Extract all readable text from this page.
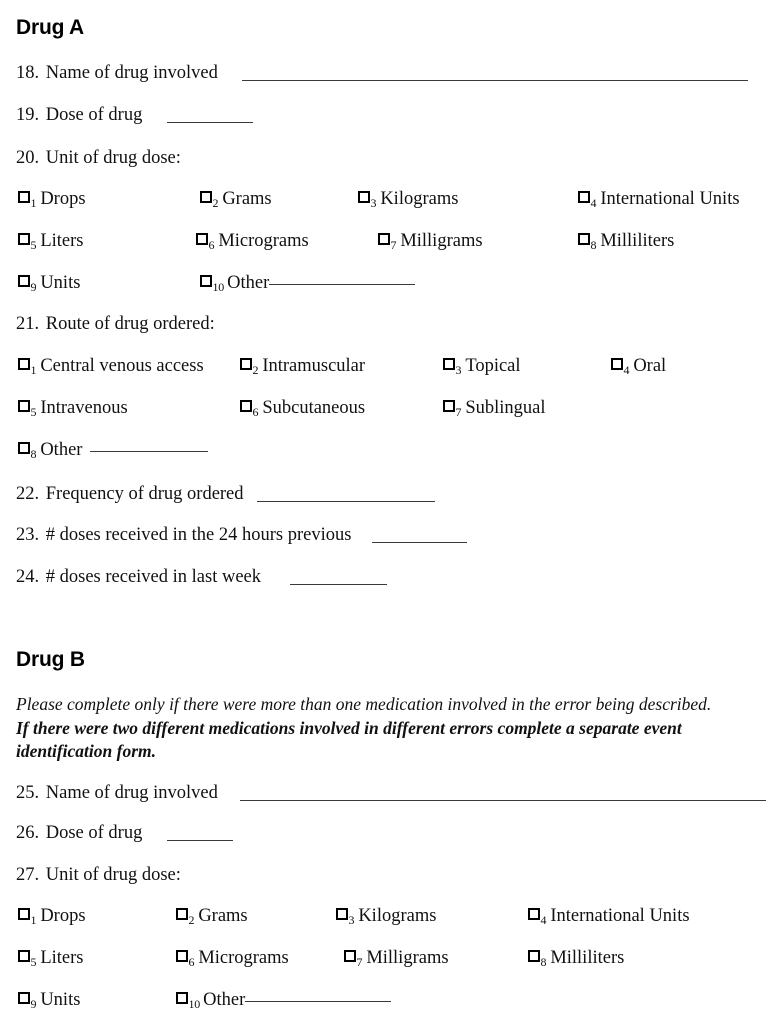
Drug A
18. Name of drug involved
19. Dose of drug
20. Unit of drug dose:
1 Drops	2 Grams	3 Kilograms	4 International Units
5 Liters	6 Micrograms	7 Milligrams	8 Milliliters
9 Units	10 Other
21. Route of drug ordered:
1 Central venous access	2 Intramuscular	3 Topical	4 Oral
5 Intravenous	6 Subcutaneous	7 Sublingual
8 Other
22. Frequency of drug ordered
23. # doses received in the 24 hours previous
24. # doses received in last week
Drug B
Please complete only if there were more than one medication involved in the error being described. If there were two different medications involved in different errors complete a separate event identification form.
25. Name of drug involved
26. Dose of drug
27. Unit of drug dose:
1 Drops	2 Grams	3 Kilograms	4 International Units
5 Liters	6 Micrograms	7 Milligrams	8 Milliliters
9 Units	10 Other
